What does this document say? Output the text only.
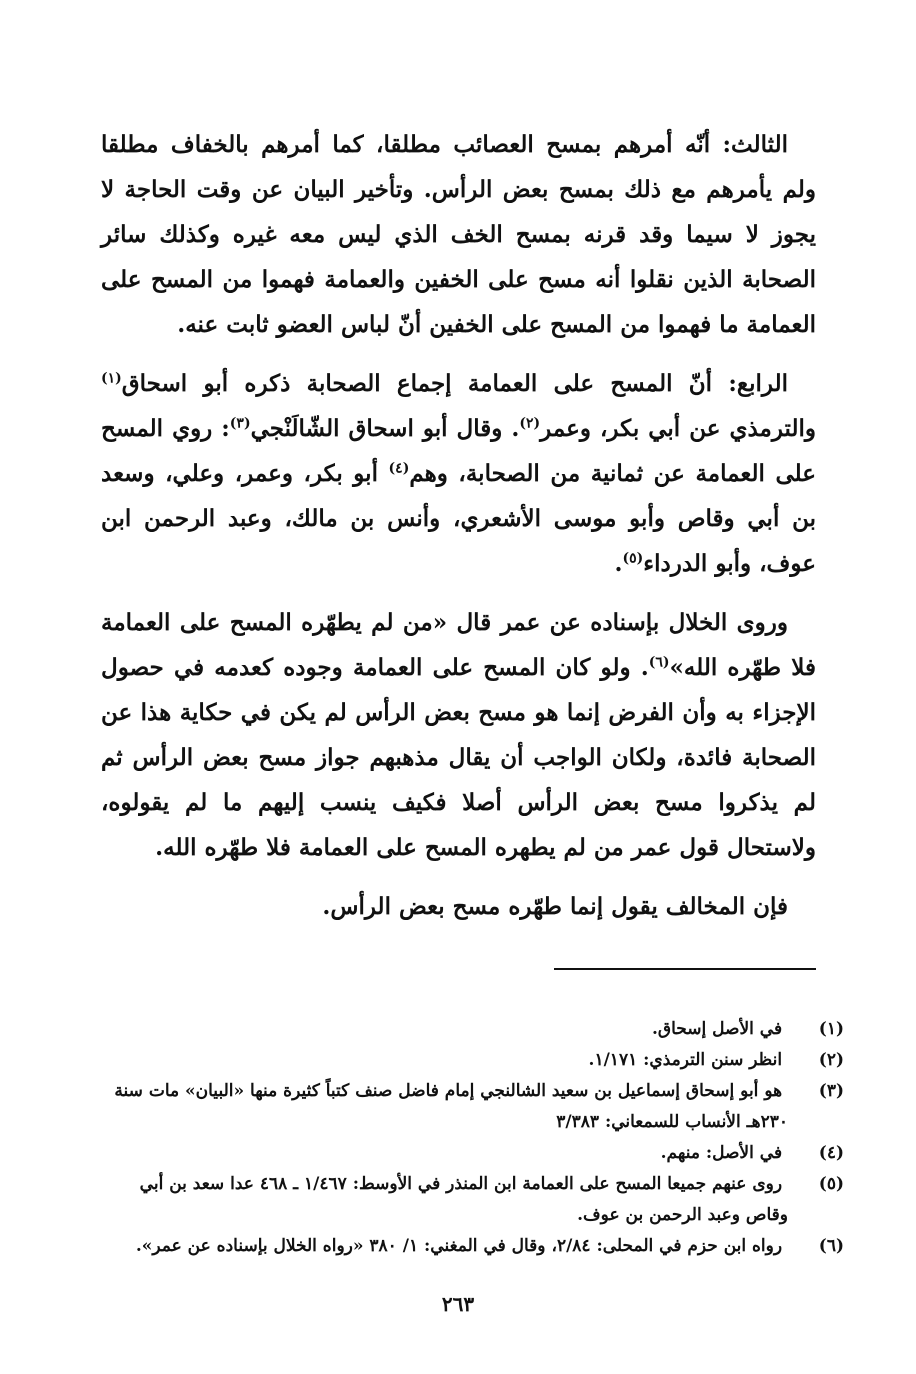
الثالث: أنّه أمرهم بمسح العصائب مطلقا، كما أمرهم بالخفاف مطلقا ولم يأمرهم مع ذلك بمسح بعض الرأس. وتأخير البيان عن وقت الحاجة لا يجوز لا سيما وقد قرنه بمسح الخف الذي ليس معه غيره وكذلك سائر الصحابة الذين نقلوا أنه مسح على الخفين والعمامة فهموا من المسح على العمامة ما فهموا من المسح على الخفين أنّ لباس العضو ثابت عنه.

الرابع: أنّ المسح على العمامة إجماع الصحابة ذكره أبو اسحاق$^{(١)}$ والترمذي عن أبي بكر، وعمر$^{(٢)}$. وقال أبو اسحاق الشّالَنْجي$^{(٣)}$: روي المسح على العمامة عن ثمانية من الصحابة، وهم$^{(٤)}$ أبو بكر، وعمر، وعلي، وسعد بن أبي وقاص وأبو موسى الأشعري، وأنس بن مالك، وعبد الرحمن ابن عوف، وأبو الدرداء$^{(٥)}$.

وروى الخلال بإسناده عن عمر قال «من لم يطهّره المسح على العمامة فلا طهّره الله»$^{(٦)}$. ولو كان المسح على العمامة وجوده كعدمه في حصول الإجزاء به وأن الفرض إنما هو مسح بعض الرأس لم يكن في حكاية هذا عن الصحابة فائدة، ولكان الواجب أن يقال مذهبهم جواز مسح بعض الرأس ثم لم يذكروا مسح بعض الرأس أصلا فكيف ينسب إليهم ما لم يقولوه، ولاستحال قول عمر من لم يطهره المسح على العمامة فلا طهّره الله.

فإن المخالف يقول إنما طهّره مسح بعض الرأس.

(١) في الأصل إسحاق.
(٢) انظر سنن الترمذي: ١/١٧١.
(٣) هو أبو إسحاق إسماعيل بن سعيد الشالنجي إمام فاضل صنف كتباً كثيرة منها «البيان» مات سنة ٢٣٠هـ الأنساب للسمعاني: ٣/٣٨٣
(٤) في الأصل: منهم.
(٥) روى عنهم جميعا المسح على العمامة ابن المنذر في الأوسط: ١/٤٦٧ ـ ٤٦٨ عدا سعد بن أبي وقاص وعبد الرحمن بن عوف.
(٦) رواه ابن حزم في المحلى: ٢/٨٤، وقال في المغني: ١/ ٣٨٠ «رواه الخلال بإسناده عن عمر».
٢٦٣
